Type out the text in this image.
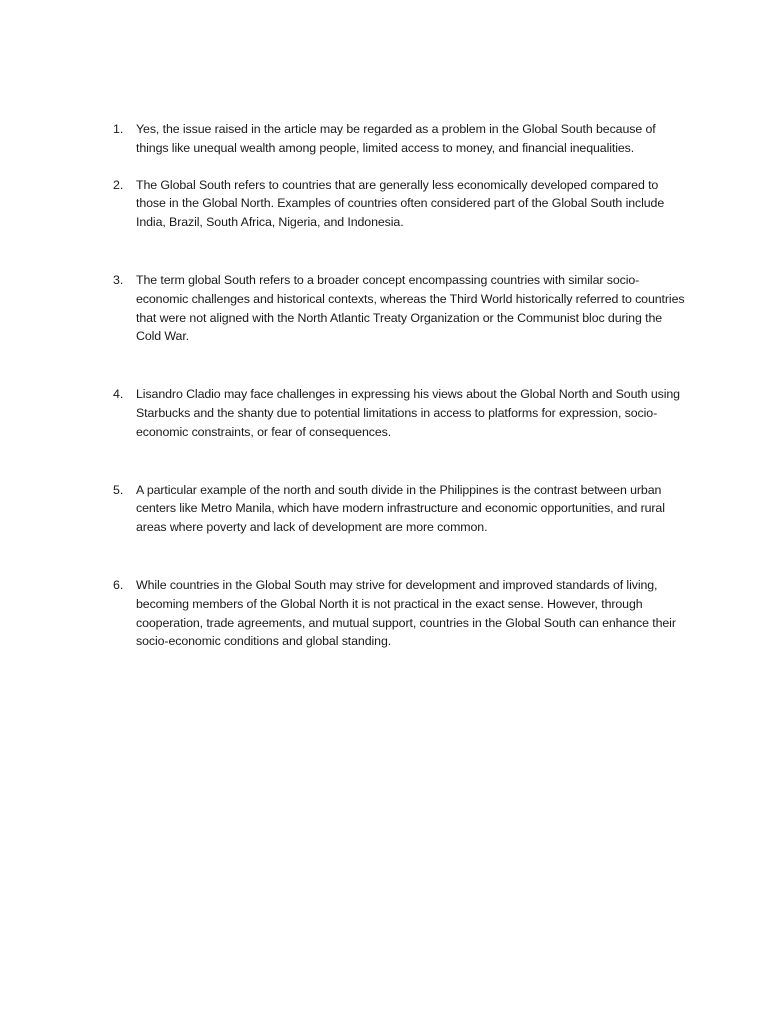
1.	Yes, the issue raised in the article may be regarded as a problem in the Global South because of things like unequal wealth among people, limited access to money, and financial inequalities.
2.	The Global South refers to countries that are generally less economically developed compared to those in the Global North. Examples of countries often considered part of the Global South include India, Brazil, South Africa, Nigeria, and Indonesia.
3.	The term global South refers to a broader concept encompassing countries with similar socio-economic challenges and historical contexts, whereas the Third World historically referred to countries that were not aligned with the North Atlantic Treaty Organization or the Communist bloc during the Cold War.
4.	Lisandro Cladio may face challenges in expressing his views about the Global North and South using Starbucks and the shanty due to potential limitations in access to platforms for expression, socio-economic constraints, or fear of consequences.
5.	A particular example of the north and south divide in the Philippines is the contrast between urban centers like Metro Manila, which have modern infrastructure and economic opportunities, and rural areas where poverty and lack of development are more common.
6.	While countries in the Global South may strive for development and improved standards of living, becoming members of the Global North it is not practical in the exact sense. However, through cooperation, trade agreements, and mutual support, countries in the Global South can enhance their socio-economic conditions and global standing.
